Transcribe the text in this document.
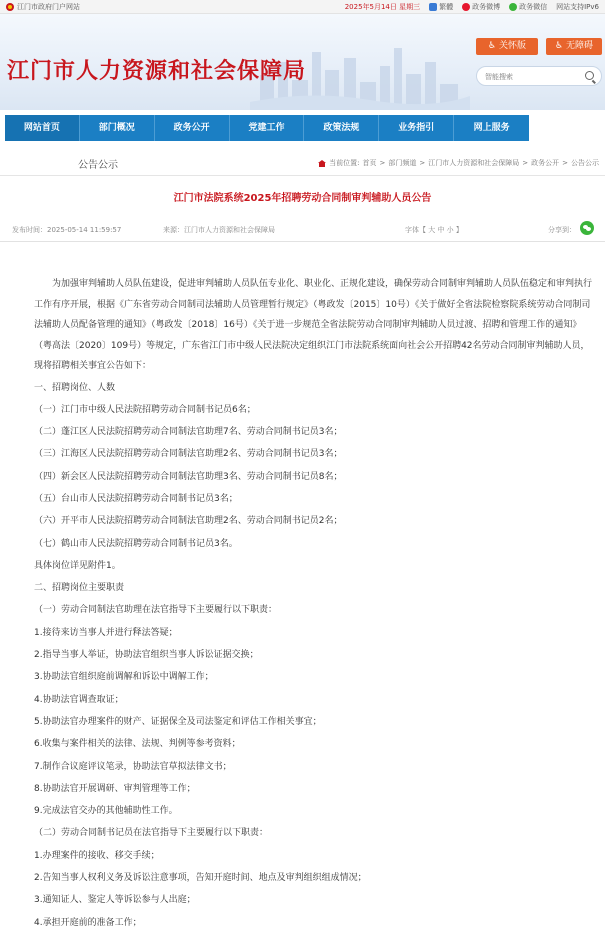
江门市政府门户网站	2025年5月14日 星期三	繁體	政务微博	政务微信 网站支持IPv6
江门市人力资源和社会保障局
♿ 关怀版	♿ 无障碍
智能搜索
网站首页	部门概况	政务公开	党建工作	政策法规	业务指引	网上服务
公告公示	当前位置: 首页 > 部门频道 > 江门市人力资源和社会保障局 > 政务公开 > 公告公示
江门市法院系统2025年招聘劳动合同制审判辅助人员公告
发布时间：2025-05-14 11:59:57	来源：江门市人力资源和社会保障局	字体【 大 中 小 】	分享到：

为加强审判辅助人员队伍建设，促进审判辅助人员队伍专业化、职业化、正规化建设，确保劳动合同制审判辅助人员队伍稳定和审判执行工作有序开展，根据《广东省劳动合同制司法辅助人员管理暂行规定》（粤政发〔2015〕10号）《关于做好全省法院检察院系统劳动合同制司法辅助人员配备管理的通知》（粤政发〔2018〕16号）《关于进一步规范全省法院劳动合同制审判辅助人员过渡、招聘和管理工作的通知》（粤高法〔2020〕109号）等规定，广东省江门市中级人民法院决定组织江门市法院系统面向社会公开招聘42名劳动合同制审判辅助人员，现将招聘相关事宜公告如下：

一、招聘岗位、人数
（一）江门市中级人民法院招聘劳动合同制书记员6名；
（二）蓬江区人民法院招聘劳动合同制法官助理7名、劳动合同制书记员3名；
（三）江海区人民法院招聘劳动合同制法官助理2名、劳动合同制书记员3名；
（四）新会区人民法院招聘劳动合同制法官助理3名、劳动合同制书记员8名；
（五）台山市人民法院招聘劳动合同制书记员3名；
（六）开平市人民法院招聘劳动合同制法官助理2名、劳动合同制书记员2名；
（七）鹤山市人民法院招聘劳动合同制书记员3名。
具体岗位详见附件1。
二、招聘岗位主要职责
（一）劳动合同制法官助理在法官指导下主要履行以下职责：
1.接待来访当事人并进行释法答疑；
2.指导当事人举证，协助法官组织当事人诉讼证据交换；
3.协助法官组织庭前调解和诉讼中调解工作；
4.协助法官调查取证；
5.协助法官办理案件的财产、证据保全及司法鉴定和评估工作相关事宜；
6.收集与案件相关的法律、法规、判例等参考资料；
7.制作合议庭评议笔录，协助法官草拟法律文书；
8.协助法官开展调研、审判管理等工作；
9.完成法官交办的其他辅助性工作。
（二）劳动合同制书记员在法官指导下主要履行以下职责：
1.办理案件的接收、移交手续；
2.告知当事人权利义务及诉讼注意事项，告知开庭时间、地点及审判组织组成情况；
3.通知证人、鉴定人等诉讼参与人出庭；
4.承担开庭前的准备工作；
